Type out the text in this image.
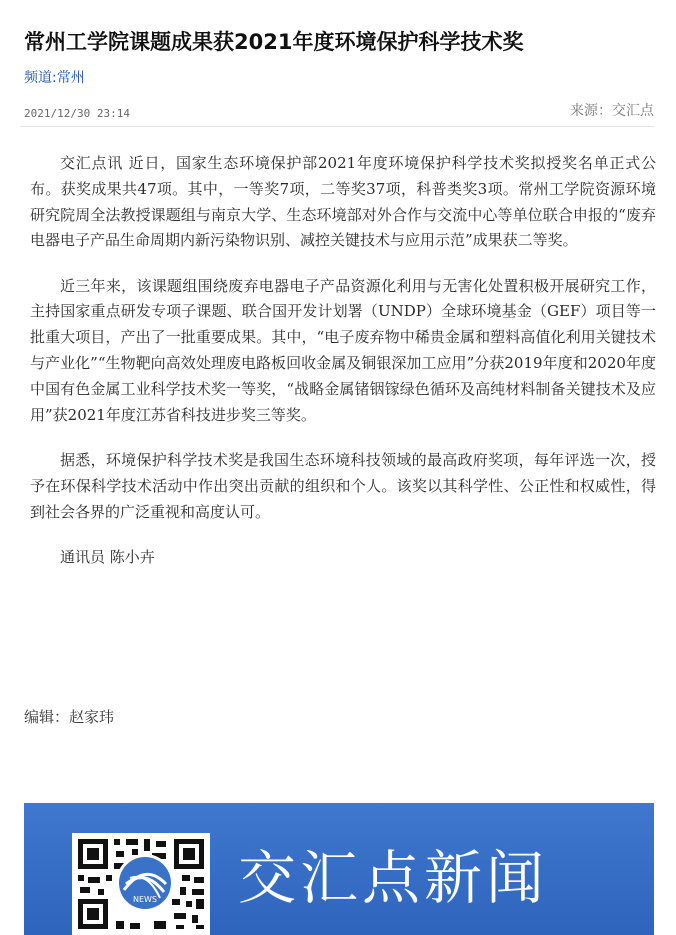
常州工学院课题成果获2021年度环境保护科学技术奖
频道:常州
2021/12/30 23:14	来源：交汇点

交汇点讯 近日，国家生态环境保护部2021年度环境保护科学技术奖拟授奖名单正式公布。获奖成果共47项。其中，一等奖7项，二等奖37项，科普类奖3项。常州工学院资源环境研究院周全法教授课题组与南京大学、生态环境部对外合作与交流中心等单位联合申报的“废弃电器电子产品生命周期内新污染物识别、减控关键技术与应用示范”成果获二等奖。

近三年来，该课题组围绕废弃电器电子产品资源化利用与无害化处置积极开展研究工作，主持国家重点研发专项子课题、联合国开发计划署（UNDP）全球环境基金（GEF）项目等一批重大项目，产出了一批重要成果。其中，“电子废弃物中稀贵金属和塑料高值化利用关键技术与产业化”“生物靶向高效处理废电路板回收金属及铜银深加工应用”分获2019年度和2020年度中国有色金属工业科学技术奖一等奖，“战略金属锗铟镓绿色循环及高纯材料制备关键技术及应用”获2021年度江苏省科技进步奖三等奖。

据悉，环境保护科学技术奖是我国生态环境科技领域的最高政府奖项，每年评选一次，授予在环保科学技术活动中作出突出贡献的组织和个人。该奖以其科学性、公正性和权威性，得到社会各界的广泛重视和高度认可。

通讯员 陈小卉

编辑：赵家玮
NEWS 交汇点新闻
